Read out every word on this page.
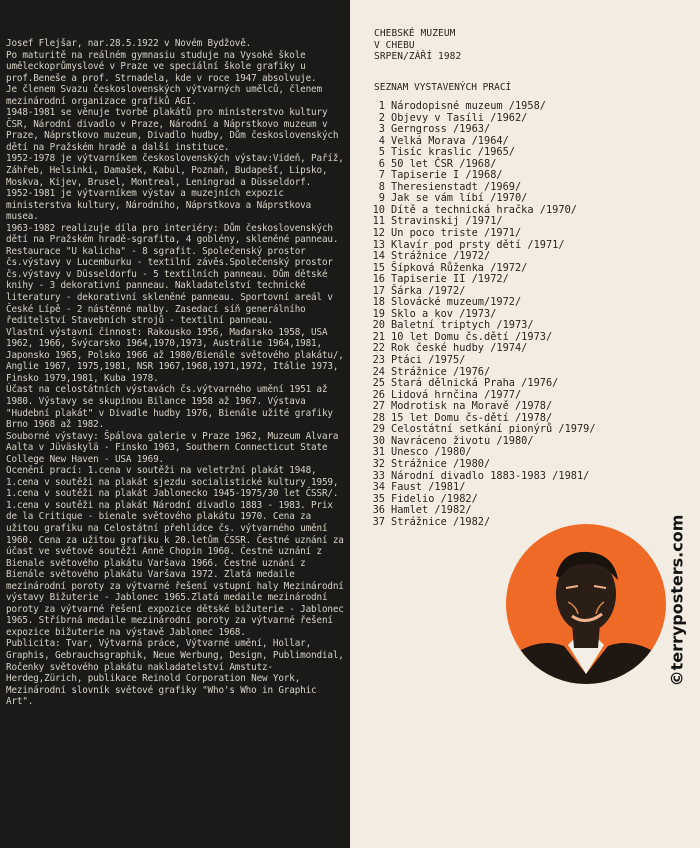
Josef Flejšar, nar.28.5.1922 v Novém Bydžově.

Po maturitě na reálném gymnasiu studuje na Vysoké škole uměleckoprůmyslové v Praze ve speciální škole grafiky u prof.Beneše a prof. Strnadela, kde v roce 1947 absolvuje.

Je členem Svazu československých výtvarných umělců, členem mezinárodní organizace grafiků AGI.

1948-1981 se věnuje tvorbě plakátů pro ministerstvo kultury ČSR, Národní divadlo v Praze, Národní a Náprstkovo muzeum v Praze, Náprstkovo muzeum, Divadlo hudby, Dům československých dětí na Pražském hradě a další instituce.

1952-1978 je výtvarníkem československých výstav:Vídeň, Paříž, Záhřeb, Helsinki, Damašek, Kabul, Poznaň, Budapešť, Lipsko, Moskva, Kijev, Brusel, Montreal, Leningrad a Düsseldorf.

1952-1981 je výtvarníkem výstav a muzejních expozic ministerstva kultury, Národního, Náprstkova a Náprstkova musea.

1963-1982 realizuje díla pro interiéry: Dům československých dětí na Pražském hradě-sgrafita, 4 goblény, skleněné panneau. Restaurace "U kalicha" - 8 sgrafit. Společenský prostor čs.výstavy v Lucemburku - textilní závěs.Společenský prostor čs.výstavy v Düsseldorfu - 5 textilních panneau. Dům dětské knihy - 3 dekorativní panneau. Nakladatelství technické literatury - dekorativní skleněné panneau. Sportovní areál v České Lípě - 2 nástěnné malby. Zasedací síň generálního ředitelství Stavebních strojů - textilní panneau.

Vlastní výstavní činnost: Rakousko 1956, Maďarsko 1958, USA 1962, 1966, Švýcarsko 1964,1970,1973, Austrálie 1964,1981, Japonsko 1965, Polsko 1966 až 1980/Bienále světového plakátu/, Anglie 1967, 1975,1981, NSR 1967,1968,1971,1972, Itálie 1973, Finsko 1979,1981, Kuba 1978.

Účast na celostátních výstavách čs.výtvarného umění 1951 až 1980. Výstavy se skupinou Bilance 1958 až 1967. Výstava "Hudební plakát" v Divadle hudby 1976, Bienále užité grafiky Brno 1968 až 1982.

Souborné výstavy: Špálova galerie v Praze 1962, Muzeum Alvara Aalta v Jüväskylä - Finsko 1963, Southern Connecticut State College New Haven - USA 1969.

Ocenění prací: 1.cena v soutěži na veletržní plakát 1948, 1.cena v soutěži na plakát sjezdu socialistické kultury 1959, 1.cena v soutěži na plakát Jablonecko 1945-1975/30 let ČSSR/. 1.cena v soutěži na plakát Národní divadlo 1883 - 1983. Prix de la Critique - bienale světového plakátu 1970. Cena za užitou grafiku na Celostátní přehlídce čs. výtvarného umění 1960. Cena za užitou grafiku k 20.letům ČSSR. Čestné uznání za účast ve světové soutěži Anně Chopin 1960. Čestné uznání z Bienale světového plakátu Varšava 1966. Čestné uznání z Bienále světového plakátu Varšava 1972. Zlatá medaile mezinárodní poroty za výtvarné řešení vstupní haly Mezinárodní výstavy Bižuterie - Jablonec 1965.Zlatá medaile mezinárodní poroty za výtvarné řešení expozice dětské bižuterie - Jablonec 1965. Stříbrná medaile mezinárodní poroty za výtvarné řešení expozice bižuterie na výstavě Jablonec 1968.

Publicita: Tvar, Výtvarná práce, Výtvarné umění, Hollar, Graphis, Gebrauchsgraphik, Neue Werbung, Design, Publimondial, Ročenky světového plakátu nakladatelství Amstutz-Herdeg,Zürich, publikace Reinold Corporation New York, Mezinárodní slovník světové grafiky "Who's Who in Graphic Art".

CHEBSKÉ MUZEUM
V CHEBU
SRPEN/ZÁŘÍ 1982
SEZNAM VYSTAVENÝCH PRACÍ
1 Národopisné muzeum /1958/
2 Objevy v Tasíli /1962/
3 Gerngross /1963/
4 Velká Morava /1964/
5 Tisíc kraslic /1965/
6 50 let ČSR /1968/
7 Tapiserie I /1968/
8 Theresienstadt /1969/
9 Jak se vám líbí /1970/
10 Dítě a technická hračka /1970/
11 Stravinskij /1971/
12 Un poco triste /1971/
13 Klavír pod prsty dětí /1971/
14 Strážnice /1972/
15 Šípková Růženka /1972/
16 Tapiserie II /1972/
17 Šárka /1972/
18 Slovácké muzeum/1972/
19 Sklo a kov /1973/
20 Baletní triptych /1973/
21 10 let Domu čs.dětí /1973/
22 Rok české hudby /1974/
23 Ptáci /1975/
24 Strážnice /1976/
25 Stará dělnická Praha /1976/
26 Lidová hrnčina /1977/
27 Modrotisk na Moravě /1978/
28 15 let Domu čs-dětí /1978/
29 Celostátní setkání pionýrů /1979/
30 Navráceno životu /1980/
31 Unesco /1980/
32 Strážnice /1980/
33 Národní divadlo 1883-1983 /1981/
34 Faust /1981/
35 Fidelio /1982/
36 Hamlet /1982/
37 Strážnice /1982/	©terryposters.com
